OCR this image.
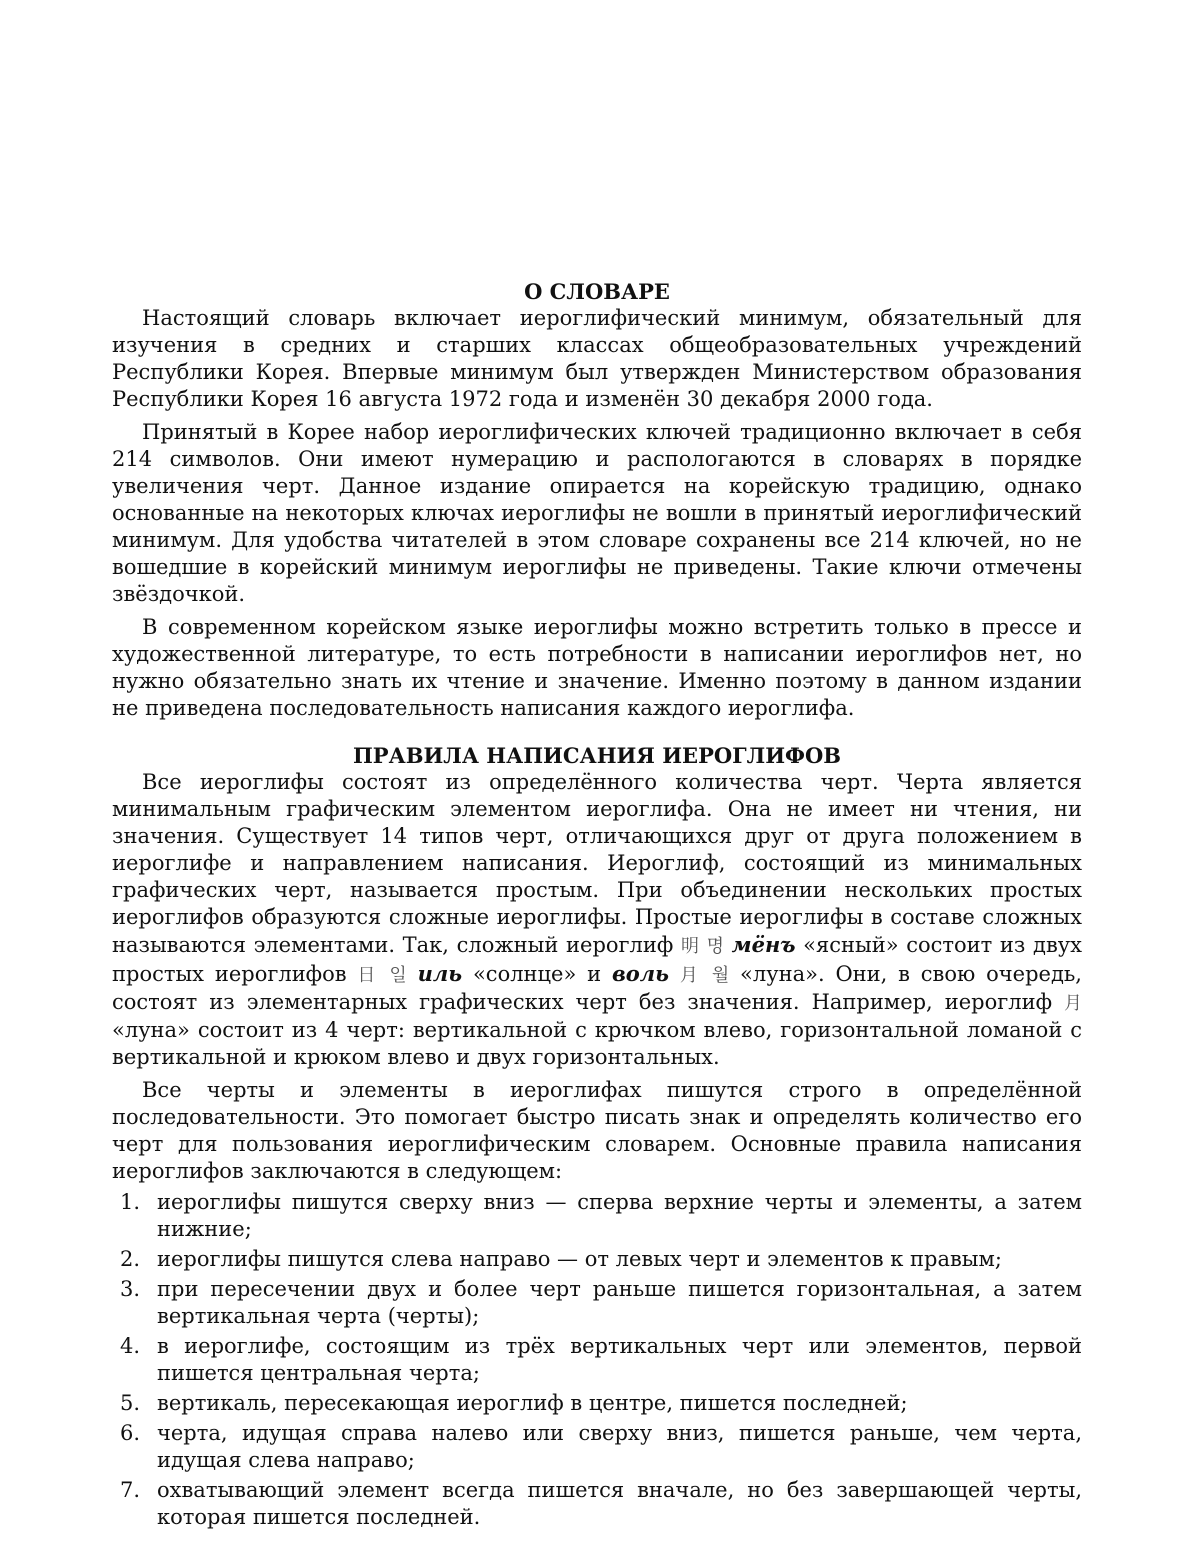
О СЛОВАРЕ

Настоящий словарь включает иероглифический минимум, обязательный для изучения в средних и старших классах общеобразовательных учреждений Республики Корея. Впервые минимум был утвержден Министерством образования Республики Корея 16 августа 1972 года и изменён 30 декабря 2000 года.

Принятый в Корее набор иероглифических ключей традиционно включает в себя 214 символов. Они имеют нумерацию и распологаются в словарях в порядке увеличения черт. Данное издание опирается на корейскую традицию, однако основанные на некоторых ключах иероглифы не вошли в принятый иероглифический минимум. Для удобства читателей в этом словаре сохранены все 214 ключей, но не вошедшие в корейский минимум иероглифы не приведены. Такие ключи отмечены звёздочкой.

В современном корейском языке иероглифы можно встретить только в прессе и художественной литературе, то есть потребности в написании иероглифов нет, но нужно обязательно знать их чтение и значение. Именно поэтому в данном издании не приведена последовательность написания каждого иероглифа.

ПРАВИЛА НАПИСАНИЯ ИЕРОГЛИФОВ

Все иероглифы состоят из определённого количества черт. Черта является минимальным графическим элементом иероглифа. Она не имеет ни чтения, ни значения. Существует 14 типов черт, отличающихся друг от друга положением в иероглифе и направлением написания. Иероглиф, состоящий из минимальных графических черт, называется простым. При объединении нескольких простых иероглифов образуются сложные иероглифы. Простые иероглифы в составе сложных называются элементами. Так, сложный иероглиф 明 명 мёнъ «ясный» состоит из двух простых иероглифов 日 일 иль «солнце» и воль 月 월 «луна». Они, в свою очередь, состоят из элементарных графических черт без значения. Например, иероглиф 月 «луна» состоит из 4 черт: вертикальной с крючком влево, горизонтальной ломаной с вертикальной и крюком влево и двух горизонтальных.

Все черты и элементы в иероглифах пишутся строго в определённой последовательности. Это помогает быстро писать знак и определять количество его черт для пользования иероглифическим словарем. Основные правила написания иероглифов заключаются в следующем:

1. иероглифы пишутся сверху вниз — сперва верхние черты и элементы, а затем нижние;
2. иероглифы пишутся слева направо — от левых черт и элементов к правым;
3. при пересечении двух и более черт раньше пишется горизонтальная, а затем вертикальная черта (черты);
4. в иероглифе, состоящим из трёх вертикальных черт или элементов, первой пишется центральная черта;
5. вертикаль, пересекающая иероглиф в центре, пишется последней;
6. черта, идущая справа налево или сверху вниз, пишется раньше, чем черта, идущая слева направо;
7. охватывающий элемент всегда пишется вначале, но без завершающей черты, которая пишется последней.
